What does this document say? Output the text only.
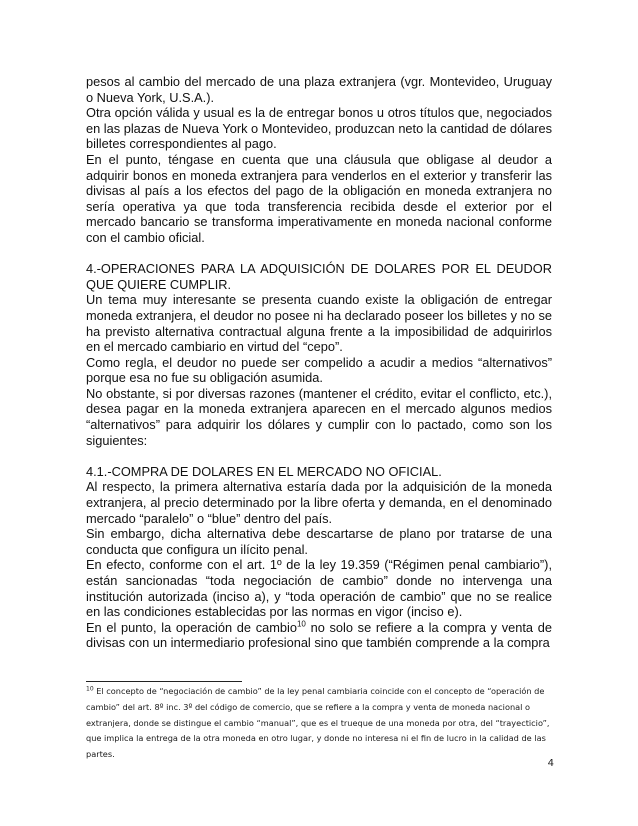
pesos al cambio del mercado de una plaza extranjera (vgr. Montevideo, Uruguay o Nueva York, U.S.A.).

Otra opción válida y usual es la de entregar bonos u otros títulos que, negociados en las plazas de Nueva York o Montevideo, produzcan neto la cantidad de dólares billetes correspondientes al pago.

En el punto, téngase en cuenta que una cláusula que obligase al deudor a adquirir bonos en moneda extranjera para venderlos en el exterior y transferir las divisas al país a los efectos del pago de la obligación en moneda extranjera no sería operativa ya que toda transferencia recibida desde el exterior por el mercado bancario se transforma imperativamente en moneda nacional conforme con el cambio oficial.

4.-OPERACIONES PARA LA ADQUISICIÓN DE DOLARES POR EL DEUDOR QUE QUIERE CUMPLIR.

Un tema muy interesante se presenta cuando existe la obligación de entregar moneda extranjera, el deudor no posee ni ha declarado poseer los billetes y no se ha previsto alternativa contractual alguna frente a la imposibilidad de adquirirlos en el mercado cambiario en virtud del “cepo”.

Como regla, el deudor no puede ser compelido a acudir a medios “alternativos” porque esa no fue su obligación asumida.

No obstante, si por diversas razones (mantener el crédito, evitar el conflicto, etc.), desea pagar en la moneda extranjera aparecen en el mercado algunos medios “alternativos” para adquirir los dólares y cumplir con lo pactado, como son los siguientes:

4.1.-COMPRA DE DOLARES EN EL MERCADO NO OFICIAL.

Al respecto, la primera alternativa estaría dada por la adquisición de la moneda extranjera, al precio determinado por la libre oferta y demanda, en el denominado mercado “paralelo” o “blue” dentro del país.

Sin embargo, dicha alternativa debe descartarse de plano por tratarse de una conducta que configura un ilícito penal.

En efecto, conforme con el art. 1º de la ley 19.359 (“Régimen penal cambiario”), están sancionadas “toda negociación de cambio” donde no intervenga una institución autorizada (inciso a), y “toda operación de cambio” que no se realice en las condiciones establecidas por las normas en vigor (inciso e).

En el punto, la operación de cambio$^{10}$ no solo se refiere a la compra y venta de divisas con un intermediario profesional sino que también comprende a la compra

$^{10}$ El concepto de “negociación de cambio” de la ley penal cambiaria coincide con el concepto de “operación de cambio” del art. 8º inc. 3º del código de comercio, que se refiere a la compra y venta de moneda nacional o extranjera, donde se distingue el cambio “manual”, que es el trueque de una moneda por otra, del “trayecticio”, que implica la entrega de la otra moneda en otro lugar, y donde no interesa ni el fin de lucro in la calidad de las partes.
4
